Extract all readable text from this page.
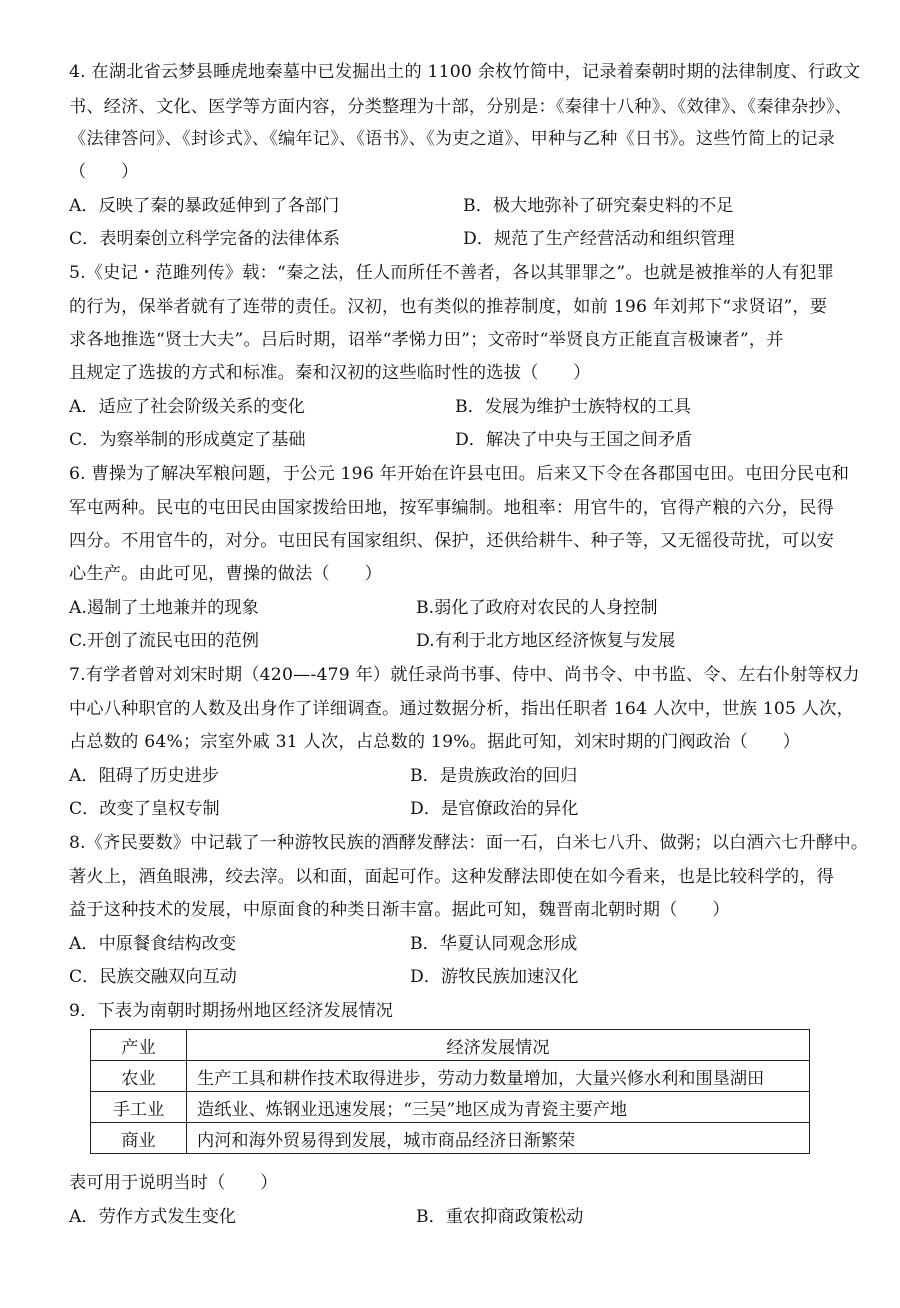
4. 在湖北省云梦县睡虎地秦墓中已发掘出土的 1100 余枚竹简中，记录着秦朝时期的法律制度、行政文
书、经济、文化、医学等方面内容，分类整理为十部，分别是：《秦律十八种》、《效律》、《秦律杂抄》、
《法律答问》、《封诊式》、《编年记》、《语书》、《为吏之道》、甲种与乙种《日书》。这些竹简上的记录
（　　）
A．反映了秦的暴政延伸到了各部门	B．极大地弥补了研究秦史料的不足
C．表明秦创立科学完备的法律体系	D．规范了生产经营活动和组织管理
5.《史记・范雎列传》载：“秦之法，任人而所任不善者，各以其罪罪之”。也就是被推举的人有犯罪
的行为，保举者就有了连带的责任。汉初，也有类似的推荐制度，如前 196 年刘邦下“求贤诏”，要
求各地推选“贤士大夫”。吕后时期，诏举“孝悌力田”；文帝时“举贤良方正能直言极谏者”，并
且规定了选拔的方式和标准。秦和汉初的这些临时性的选拔（　　）
A．适应了社会阶级关系的变化	B．发展为维护士族特权的工具
C．为察举制的形成奠定了基础	D．解决了中央与王国之间矛盾
6. 曹操为了解决军粮问题，于公元 196 年开始在许县屯田。后来又下令在各郡国屯田。屯田分民屯和
军屯两种。民屯的屯田民由国家拨给田地，按军事编制。地租率：用官牛的，官得产粮的六分，民得
四分。不用官牛的，对分。屯田民有国家组织、保护，还供给耕牛、种子等，又无徭役苛扰，可以安
心生产。由此可见，曹操的做法（　　）
A.遏制了土地兼并的现象	B.弱化了政府对农民的人身控制
C.开创了流民屯田的范例	D.有利于北方地区经济恢复与发展
7.有学者曾对刘宋时期（420—-479 年）就任录尚书事、侍中、尚书令、中书监、令、左右仆射等权力
中心八种职官的人数及出身作了详细调查。通过数据分析，指出任职者 164 人次中，世族 105 人次，
占总数的 64%；宗室外戚 31 人次，占总数的 19%。据此可知，刘宋时期的门阀政治（　　）
A．阻碍了历史进步	B．是贵族政治的回归
C．改变了皇权专制	D．是官僚政治的异化
8.《齐民要数》中记载了一种游牧民族的酒酵发酵法：面一石，白米七八升、做粥；以白酒六七升酵中。
著火上，酒鱼眼沸，绞去滓。以和面，面起可作。这种发酵法即使在如今看来，也是比较科学的，得
益于这种技术的发展，中原面食的种类日渐丰富。据此可知，魏晋南北朝时期（　　）
A．中原餐食结构改变	B．华夏认同观念形成
C．民族交融双向互动	D．游牧民族加速汉化
9．下表为南朝时期扬州地区经济发展情况
产业	经济发展情况
农业	生产工具和耕作技术取得进步，劳动力数量增加，大量兴修水利和围垦湖田
手工业	造纸业、炼钢业迅速发展；“三吴”地区成为青瓷主要产地
商业	内河和海外贸易得到发展，城市商品经济日渐繁荣
表可用于说明当时（　　）
A．劳作方式发生变化	B．重农抑商政策松动
